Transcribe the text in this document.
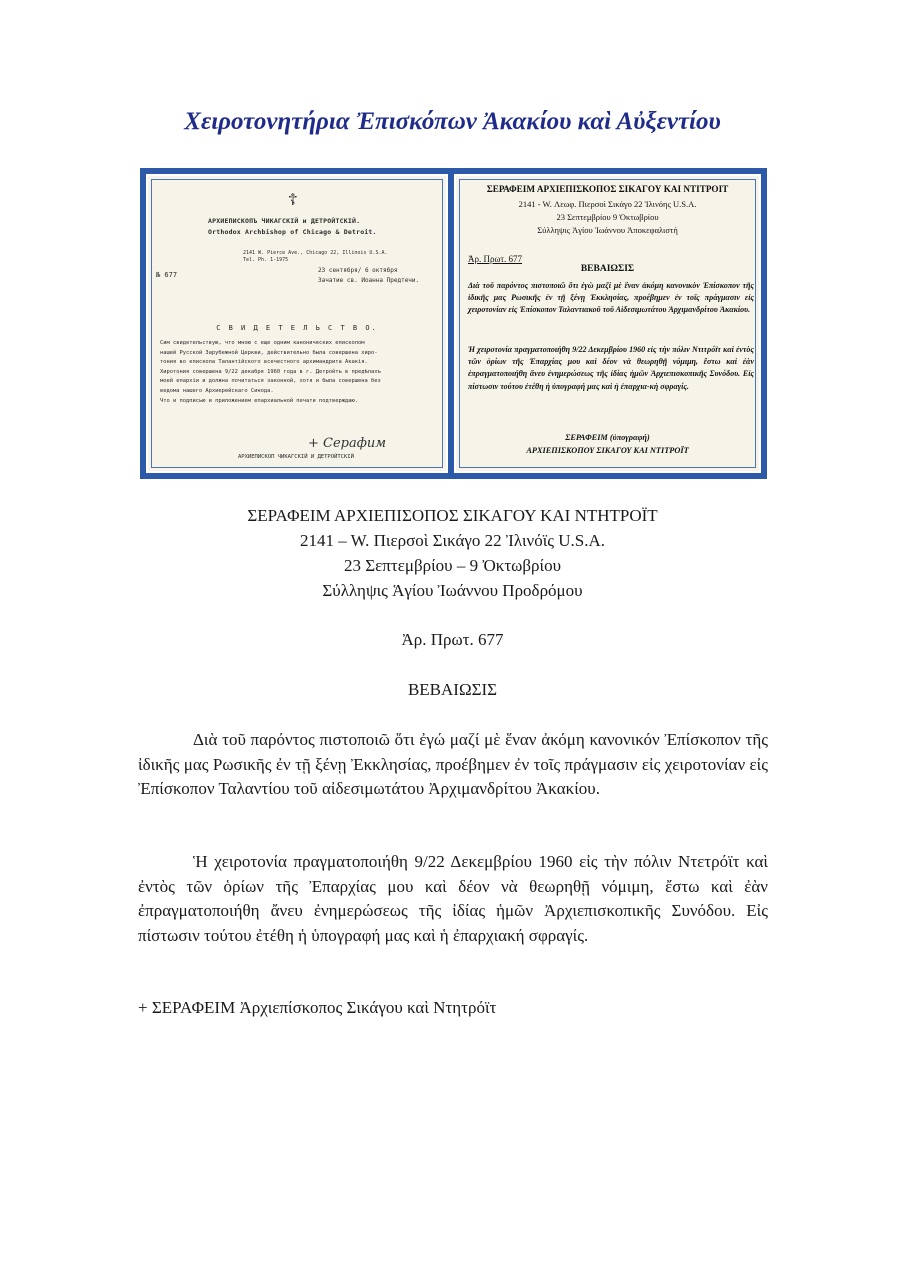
Χειροτονητήρια Ἐπισκόπων Ἀκακίου καὶ Αὐξεντίου
☦
АРХИЕПИСКОПЪ ЧИКАГСКІЙ и ДЕТРОЙТСКІЙ.
Orthodox Archbishop of Chicago & Detroit.
2141 W. Pierce Ave., Chicago 22, Illinois U.S.A.
Tel. Ph. 1-1975
№ 677
23 сентября/ 6 октября
Зачатие св. Иоанна Предтечи.
С В И Д Е Т Е Л Ь С Т В О.
Сим свидетельствую, что мною с еще одним канонических епископом
нашей Русской Зарубежной Церкви, действительно была совершена хиро-
тония во епископа Талантійского всечестного архимандрита Акакія.
Хиротония совершена 9/22 декабря 1960 года в г. Детройтъ в предѣлахъ
моей епархіи и должна почитаться законной, хотя и была совершена без
ведома нашего Архиерейскаго Синода.
Что и подписью и приложением епархиальной печати подтверждаю.
+ Серафим
АРХИЕПИСКОП ЧИКАГСКІЙ И ДЕТРОЙТСКІЙ
ΣΕΡΑΦΕΙΜ ΑΡΧΙΕΠΙΣΚΟΠΟΣ ΣΙΚΑΓΟΥ ΚΑΙ ΝΤΙΤΡΟΙΤ
2141 - W. Λεωφ. Πιερσοὶ Σικάγο 22 Ἰλινόης U.S.A.
23 Σεπτεμβρίου 9 Ὀκτωβρίου
Σύλληψις Ἁγίου Ἰωάννου Ἀποκεφαλιστή
Ἀρ. Πρωτ. 677
ΒΕΒΑΙΩΣΙΣ
Διὰ τοῦ παρόντος πιστοποιῶ ὅτι ἐγὼ μαζὶ μὲ ἕναν ἀκόμη κανονικὸν Ἐπίσκοπον τῆς ἰδικῆς μας Ρωσικῆς ἐν τῇ ξένῃ Ἐκκλησίας, προέβημεν ἐν τοῖς πράγμασιν εἰς χειροτονίαν εἰς Ἐπίσκοπον Ταλαντιακοῦ τοῦ Αἰδεσιμωτάτου Ἀρχιμανδρίτου Ἀκακίου.
Ἡ χειροτονία πραγματοποιήθη 9/22 Δεκεμβρίου 1960 εἰς τὴν πόλιν Ντιτρόϊτ καὶ ἐντὸς τῶν ὁρίων τῆς Ἐπαρχίας μου καὶ δέον νὰ θεωρηθῇ νόμιμη, ἔστω καὶ ἐὰν ἐπραγματοποιήθη ἄνευ ἐνημερώσεως τῆς ἰδίας ἡμῶν Ἀρχιεπισκοπικῆς Συνόδου. Εἰς πίστωσιν τούτου ἐτέθη ἡ ὑπογραφή μας καὶ ἡ ἐπαρχια-κὴ σφραγίς.
ΣΕΡΑΦΕΙΜ (ὑπογραφή)
ΑΡΧΙΕΠΙΣΚΟΠΟΥ ΣΙΚΑΓΟΥ ΚΑΙ ΝΤΙΤΡΟΪΤ
ΣΕΡΑΦΕΙΜ ΑΡΧΙΕΠΙΣΟΠΟΣ ΣΙΚΑΓΟΥ ΚΑΙ ΝΤΗΤΡΟΪΤ
2141 – W. Πιερσοὶ Σικάγο 22 Ἰλινόϊς U.S.A.
23 Σεπτεμβρίου – 9 Ὀκτωβρίου
Σύλληψις Ἁγίου Ἰωάννου Προδρόμου
Ἀρ. Πρωτ. 677
ΒΕΒΑΙΩΣΙΣ

Διὰ τοῦ παρόντος πιστοποιῶ ὅτι ἐγώ μαζί μὲ ἕναν ἀκόμη κανονικόν Ἐπίσκοπον τῆς ἰδικῆς μας Ρωσικῆς ἐν τῇ ξένῃ Ἐκκλησίας, προέβημεν ἐν τοῖς πράγμασιν εἰς χειροτονίαν εἰς Ἐπίσκοπον Ταλαντίου τοῦ αἰδεσιμωτάτου Ἀρχιμανδρίτου Ἀκακίου.

Ἡ χειροτονία πραγματοποιήθη 9/22 Δεκεμβρίου 1960 εἰς τὴν πόλιν Ντετρόϊτ καὶ ἐντὸς τῶν ὁρίων τῆς Ἐπαρχίας μου καὶ δέον νὰ θεωρηθῇ νόμιμη, ἔστω καὶ ἐὰν ἐπραγματοποιήθη ἄνευ ἐνημερώσεως τῆς ἰδίας ἡμῶν Ἀρχιεπισκοπικῆς Συνόδου. Εἰς πίστωσιν τούτου ἐτέθη ἡ ὑπογραφή μας καὶ ἡ ἐπαρχιακή σφραγίς.

+ ΣΕΡΑΦΕΙΜ Ἀρχιεπίσκοπος Σικάγου καὶ Ντητρόϊτ
